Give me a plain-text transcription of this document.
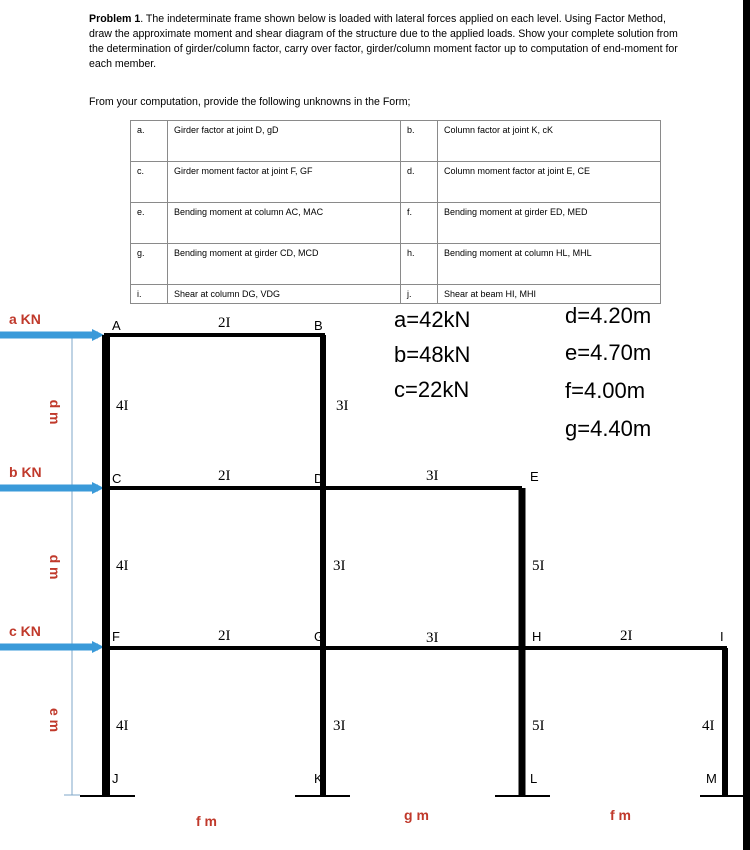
Problem 1. The indeterminate frame shown below is loaded with lateral forces applied on each level. Using Factor Method, draw the approximate moment and shear diagram of the structure due to the applied loads. Show your complete solution from the determination of girder/column factor, carry over factor, girder/column moment factor up to computation of end-moment for each member.
From your computation, provide the following unknowns in the Form;
a.	Girder factor at joint D, gD	b.	Column factor at joint K, cK
c.	Girder moment factor at joint F, GF	d.	Column moment factor at joint E, CE
e.	Bending moment at column AC, MAC	f.	Bending moment at girder ED, MED
g.	Bending moment at girder CD, MCD	h.	Bending moment at column HL, MHL
i.	Shear at column DG, VDG	j.	Shear at beam HI, MHI
a KN
b KN
c KN
d m
d m
e m
A	B
C	D	E
F	G	H	I
J	K	L	M
2I
2I	3I
2I	3I	2I
4I	3I
4I	3I	5I
4I	3I	5I	4I
f m	g m	f m
a=42kN
b=48kN
c=22kN
d=4.20m
e=4.70m
f=4.00m
g=4.40m
